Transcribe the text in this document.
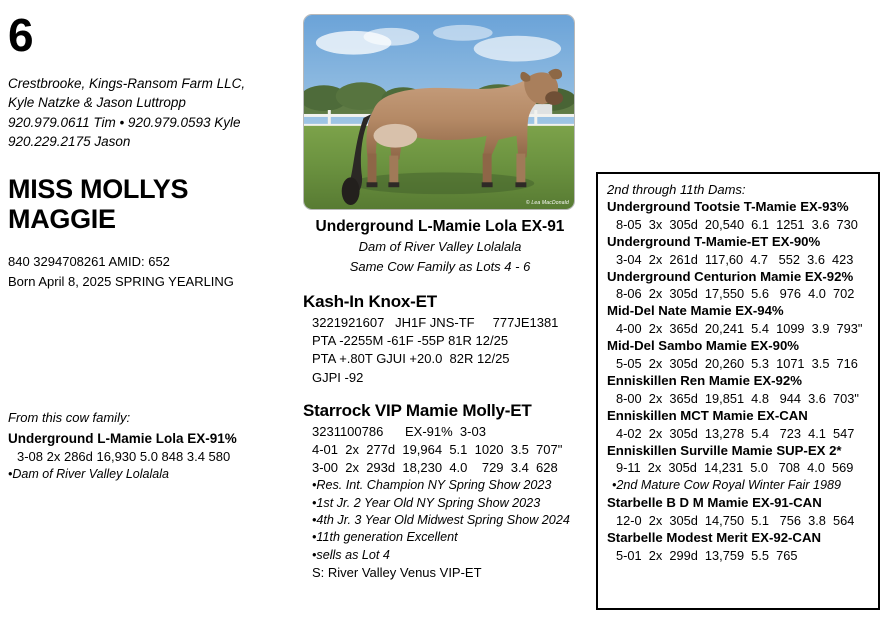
6
Crestbrooke, Kings-Ransom Farm LLC,
Kyle Natzke & Jason Luttropp
920.979.0611 Tim • 920.979.0593 Kyle
920.229.2175 Jason
MISS MOLLYS
MAGGIE
840 3294708261 AMID: 652
Born April 8, 2025 SPRING YEARLING
From this cow family:
Underground L-Mamie Lola EX-91%
3-08 2x 286d 16,930 5.0 848 3.4 580
•Dam of River Valley Lolalala
© Lea MacDonald
Underground L-Mamie Lola EX-91
Dam of River Valley Lolalala
Same Cow Family as Lots 4 - 6
Kash-In Knox-ET
3221921607   JH1F JNS-TF     777JE1381
PTA -2255M -61F -55P 81R 12/25
PTA +.80T GJUI +20.0  82R 12/25
GJPI -92
Starrock VIP Mamie Molly-ET
3231100786      EX-91%  3-03
4-01  2x  277d  19,964  5.1  1020  3.5  707"
3-00  2x  293d  18,230  4.0    729  3.4  628
•Res. Int. Champion NY Spring Show 2023
•1st Jr. 2 Year Old NY Spring Show 2023
•4th Jr. 3 Year Old Midwest Spring Show 2024
•11th generation Excellent
•sells as Lot 4
S: River Valley Venus VIP-ET
2nd through 11th Dams:
Underground Tootsie T-Mamie EX-93%
8-05  3x  305d  20,540  6.1  1251  3.6  730
Underground T-Mamie-ET EX-90%
3-04  2x  261d  117,60  4.7   552  3.6  423
Underground Centurion Mamie EX-92%
8-06  2x  305d  17,550  5.6   976  4.0  702
Mid-Del Nate Mamie EX-94%
4-00  2x  365d  20,241  5.4  1099  3.9  793"
Mid-Del Sambo Mamie EX-90%
5-05  2x  305d  20,260  5.3  1071  3.5  716
Enniskillen Ren Mamie EX-92%
8-00  2x  365d  19,851  4.8   944  3.6  703"
Enniskillen MCT Mamie EX-CAN
4-02  2x  305d  13,278  5.4   723  4.1  547
Enniskillen Surville Mamie SUP-EX 2*
9-11  2x  305d  14,231  5.0   708  4.0  569
•2nd Mature Cow Royal Winter Fair 1989
Starbelle B D M Mamie EX-91-CAN
12-0  2x  305d  14,750  5.1   756  3.8  564
Starbelle Modest Merit EX-92-CAN
5-01  2x  299d  13,759  5.5  765
